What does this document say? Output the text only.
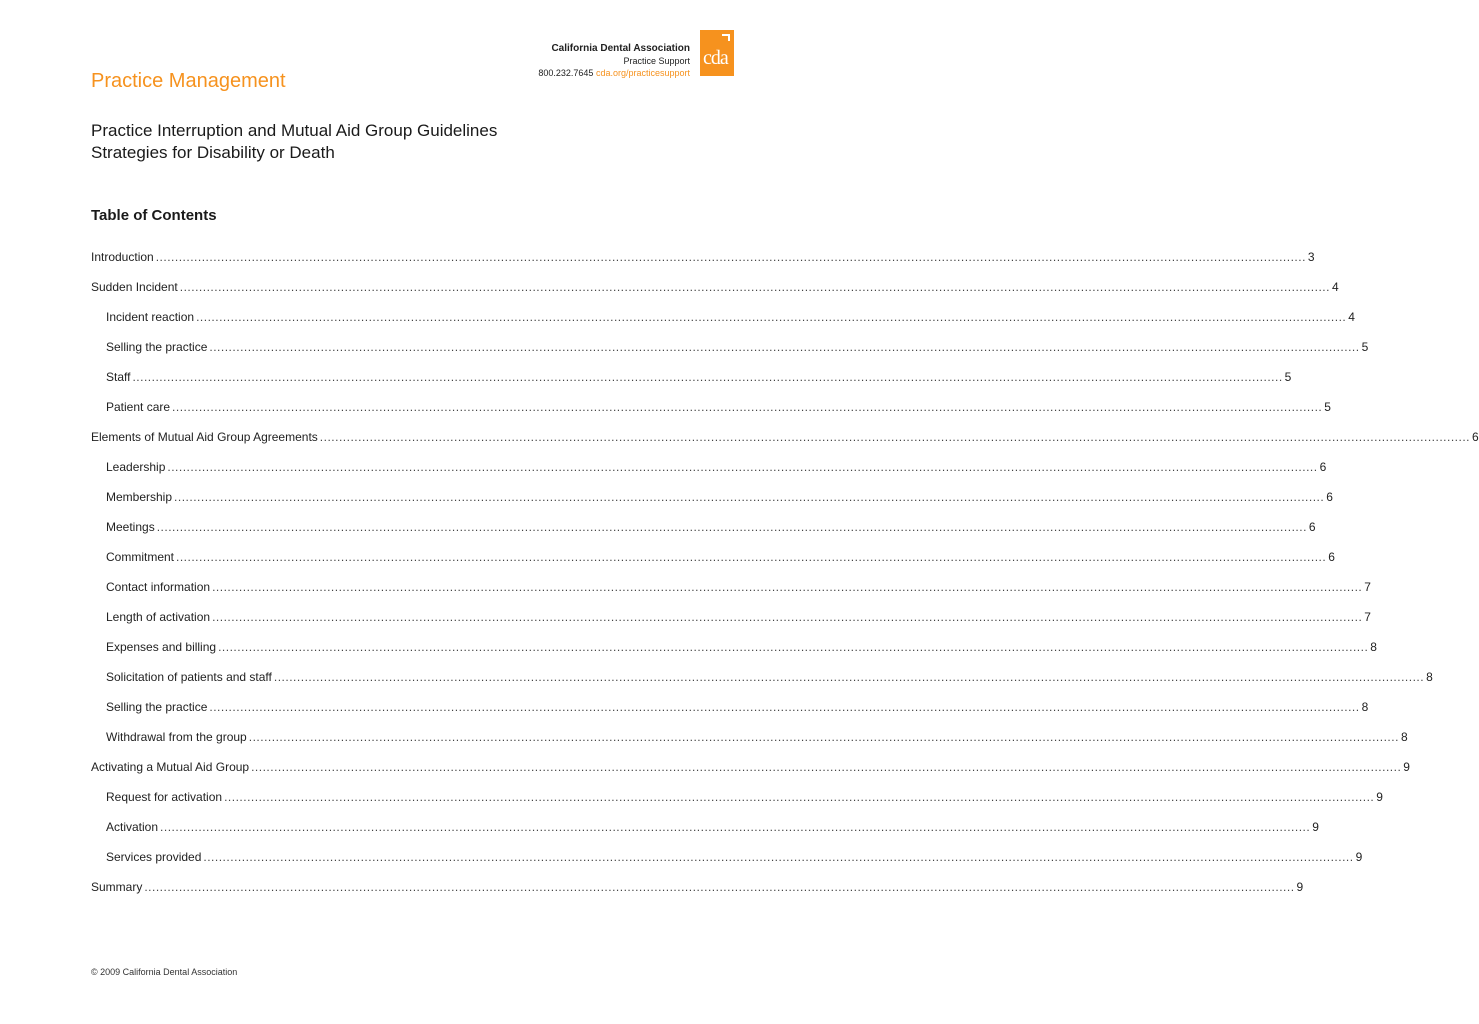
California Dental Association
Practice Support
800.232.7645 cda.org/practicesupport
cda
Practice Management
Practice Interruption and Mutual Aid Group Guidelines
Strategies for Disability or Death
Table of Contents
Introduction ............................................................................................................................................................................................................................................................................................................ 3
Sudden Incident ............................................................................................................................................................................................................................................................................................................ 4
Incident reaction ............................................................................................................................................................................................................................................................................................................ 4
Selling the practice ............................................................................................................................................................................................................................................................................................................ 5
Staff ............................................................................................................................................................................................................................................................................................................ 5
Patient care ............................................................................................................................................................................................................................................................................................................ 5
Elements of Mutual Aid Group Agreements ............................................................................................................................................................................................................................................................................................................ 6
Leadership ............................................................................................................................................................................................................................................................................................................ 6
Membership ............................................................................................................................................................................................................................................................................................................ 6
Meetings ............................................................................................................................................................................................................................................................................................................ 6
Commitment ............................................................................................................................................................................................................................................................................................................ 6
Contact information ............................................................................................................................................................................................................................................................................................................ 7
Length of activation ............................................................................................................................................................................................................................................................................................................ 7
Expenses and billing ............................................................................................................................................................................................................................................................................................................ 8
Solicitation of patients and staff ............................................................................................................................................................................................................................................................................................................ 8
Selling the practice ............................................................................................................................................................................................................................................................................................................ 8
Withdrawal from the group ............................................................................................................................................................................................................................................................................................................ 8
Activating a Mutual Aid Group ............................................................................................................................................................................................................................................................................................................ 9
Request for activation ............................................................................................................................................................................................................................................................................................................ 9
Activation ............................................................................................................................................................................................................................................................................................................ 9
Services provided ............................................................................................................................................................................................................................................................................................................ 9
Summary ............................................................................................................................................................................................................................................................................................................ 9
© 2009 California Dental Association
